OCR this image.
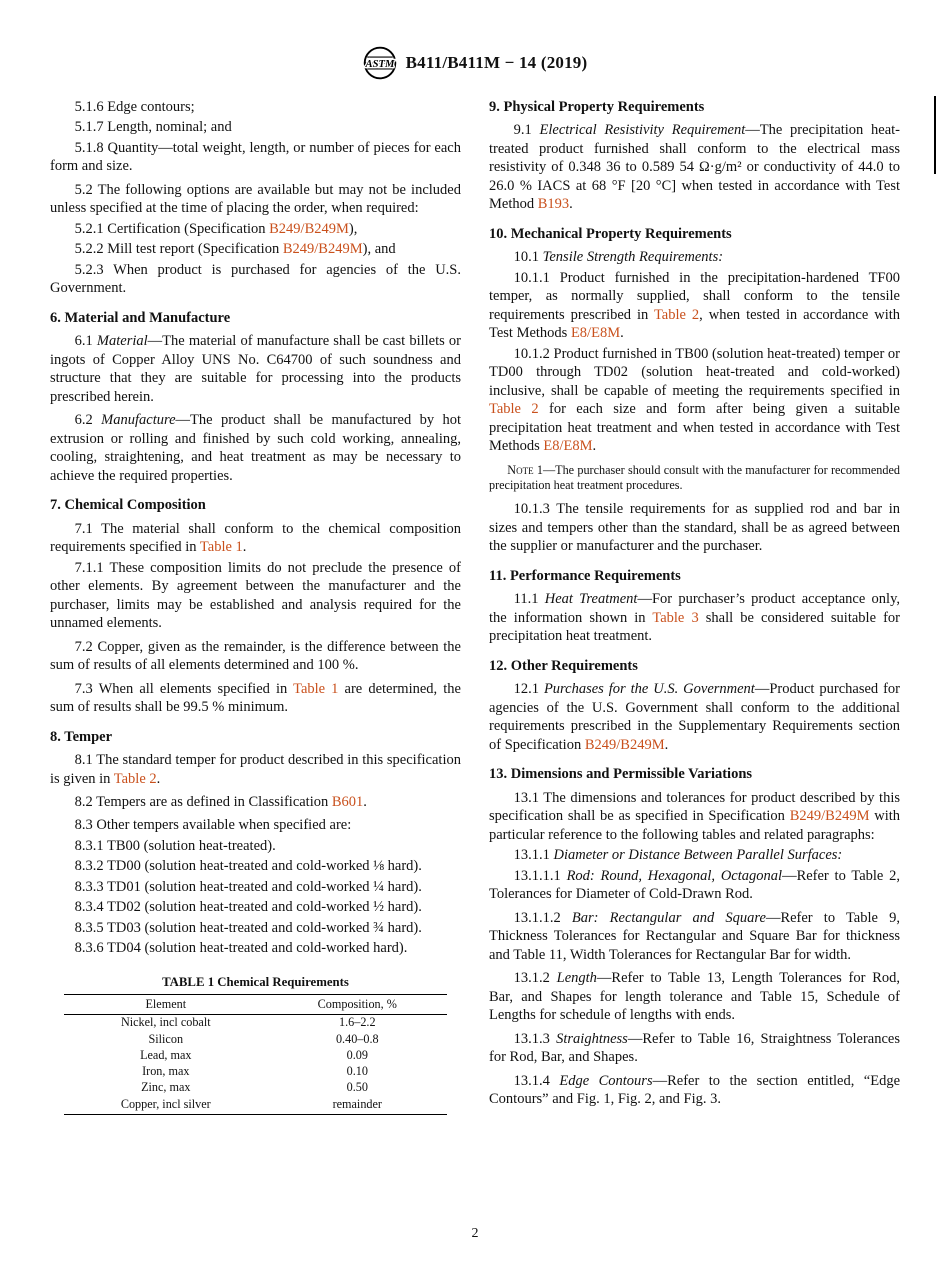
ASTM B411/B411M − 14 (2019)

5.1.6 Edge contours;

5.1.7 Length, nominal; and

5.1.8 Quantity—total weight, length, or number of pieces for each form and size.

5.2 The following options are available but may not be included unless specified at the time of placing the order, when required:

5.2.1 Certification (Specification B249/B249M),

5.2.2 Mill test report (Specification B249/B249M), and

5.2.3 When product is purchased for agencies of the U.S. Government.

6. Material and Manufacture

6.1 Material—The material of manufacture shall be cast billets or ingots of Copper Alloy UNS No. C64700 of such soundness and structure that they are suitable for processing into the products prescribed herein.

6.2 Manufacture—The product shall be manufactured by hot extrusion or rolling and finished by such cold working, annealing, cooling, straightening, and heat treatment as may be necessary to achieve the required properties.

7. Chemical Composition

7.1 The material shall conform to the chemical composition requirements specified in Table 1.

7.1.1 These composition limits do not preclude the presence of other elements. By agreement between the manufacturer and the purchaser, limits may be established and analysis required for the unnamed elements.

7.2 Copper, given as the remainder, is the difference between the sum of results of all elements determined and 100 %.

7.3 When all elements specified in Table 1 are determined, the sum of results shall be 99.5 % minimum.

8. Temper

8.1 The standard temper for product described in this specification is given in Table 2.

8.2 Tempers are as defined in Classification B601.

8.3 Other tempers available when specified are:

8.3.1 TB00 (solution heat-treated).

8.3.2 TD00 (solution heat-treated and cold-worked ⅛ hard).

8.3.3 TD01 (solution heat-treated and cold-worked ¼ hard).

8.3.4 TD02 (solution heat-treated and cold-worked ½ hard).

8.3.5 TD03 (solution heat-treated and cold-worked ¾ hard).

8.3.6 TD04 (solution heat-treated and cold-worked hard).

TABLE 1 Chemical Requirements
Element	Composition, %
Nickel, incl cobalt	1.6–2.2
Silicon	0.40–0.8
Lead, max	0.09
Iron, max	0.10
Zinc, max	0.50
Copper, incl silver	remainder
9. Physical Property Requirements

9.1 Electrical Resistivity Requirement—The precipitation heat-treated product furnished shall conform to the electrical mass resistivity of 0.348 36 to 0.589 54 Ω·g/m² or conductivity of 44.0 to 26.0 % IACS at 68 °F [20 °C] when tested in accordance with Test Method B193.

10. Mechanical Property Requirements

10.1 Tensile Strength Requirements:

10.1.1 Product furnished in the precipitation-hardened TF00 temper, as normally supplied, shall conform to the tensile requirements prescribed in Table 2, when tested in accordance with Test Methods E8/E8M.

10.1.2 Product furnished in TB00 (solution heat-treated) temper or TD00 through TD02 (solution heat-treated and cold-worked) inclusive, shall be capable of meeting the requirements specified in Table 2 for each size and form after being given a suitable precipitation heat treatment and when tested in accordance with Test Methods E8/E8M.

Note 1—The purchaser should consult with the manufacturer for recommended precipitation heat treatment procedures.

10.1.3 The tensile requirements for as supplied rod and bar in sizes and tempers other than the standard, shall be as agreed between the supplier or manufacturer and the purchaser.

11. Performance Requirements

11.1 Heat Treatment—For purchaser’s product acceptance only, the information shown in Table 3 shall be considered suitable for precipitation heat treatment.

12. Other Requirements

12.1 Purchases for the U.S. Government—Product purchased for agencies of the U.S. Government shall conform to the additional requirements prescribed in the Supplementary Requirements section of Specification B249/B249M.

13. Dimensions and Permissible Variations

13.1 The dimensions and tolerances for product described by this specification shall be as specified in Specification B249/B249M with particular reference to the following tables and related paragraphs:

13.1.1 Diameter or Distance Between Parallel Surfaces:

13.1.1.1 Rod: Round, Hexagonal, Octagonal—Refer to Table 2, Tolerances for Diameter of Cold-Drawn Rod.

13.1.1.2 Bar: Rectangular and Square—Refer to Table 9, Thickness Tolerances for Rectangular and Square Bar for thickness and Table 11, Width Tolerances for Rectangular Bar for width.

13.1.2 Length—Refer to Table 13, Length Tolerances for Rod, Bar, and Shapes for length tolerance and Table 15, Schedule of Lengths for schedule of lengths with ends.

13.1.3 Straightness—Refer to Table 16, Straightness Tolerances for Rod, Bar, and Shapes.

13.1.4 Edge Contours—Refer to the section entitled, “Edge Contours” and Fig. 1, Fig. 2, and Fig. 3.

2
